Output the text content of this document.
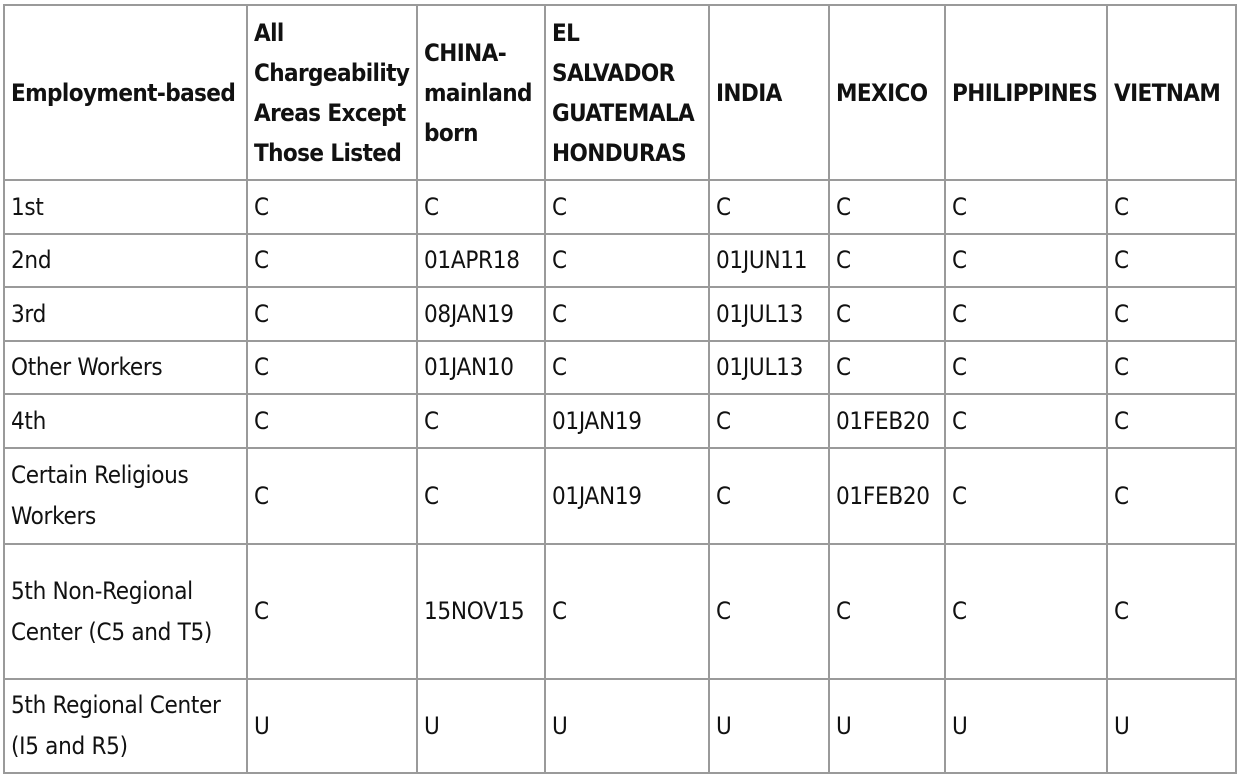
Employment-based	All Chargeability Areas Except Those Listed	CHINA-mainland born	EL SALVADOR GUATEMALA HONDURAS	INDIA	MEXICO	PHILIPPINES	VIETNAM
1st	C	C	C	C	C	C	C
2nd	C	01APR18	C	01JUN11	C	C	C
3rd	C	08JAN19	C	01JUL13	C	C	C
Other Workers	C	01JAN10	C	01JUL13	C	C	C
4th	C	C	01JAN19	C	01FEB20	C	C
Certain Religious Workers	C	C	01JAN19	C	01FEB20	C	C
5th Non-Regional Center (C5 and T5)	C	15NOV15	C	C	C	C	C
5th Regional Center (I5 and R5)	U	U	U	U	U	U	U
